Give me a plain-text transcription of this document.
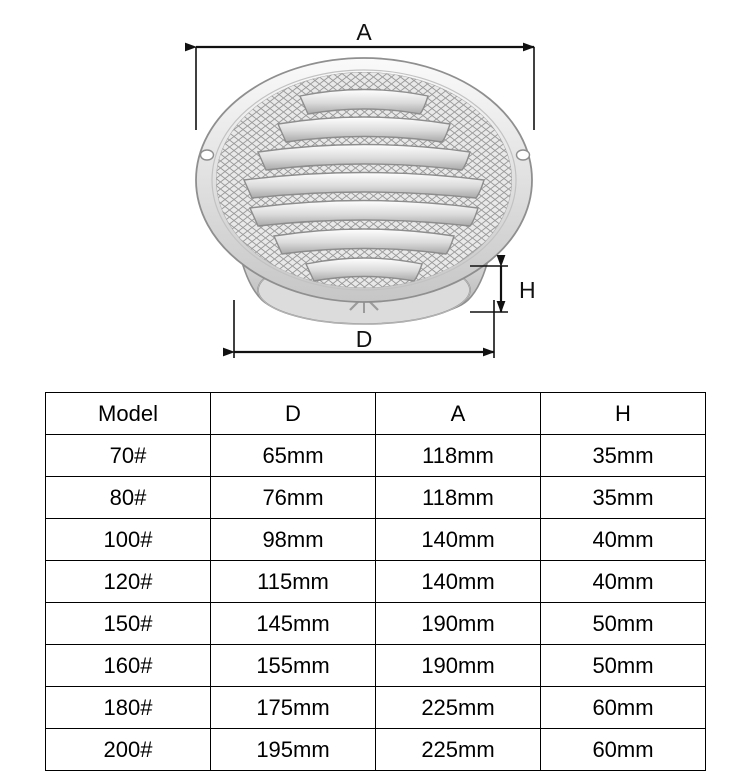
A
D
H
Model	D	A	H
70#	65mm	118mm	35mm
80#	76mm	118mm	35mm
100#	98mm	140mm	40mm
120#	115mm	140mm	40mm
150#	145mm	190mm	50mm
160#	155mm	190mm	50mm
180#	175mm	225mm	60mm
200#	195mm	225mm	60mm
